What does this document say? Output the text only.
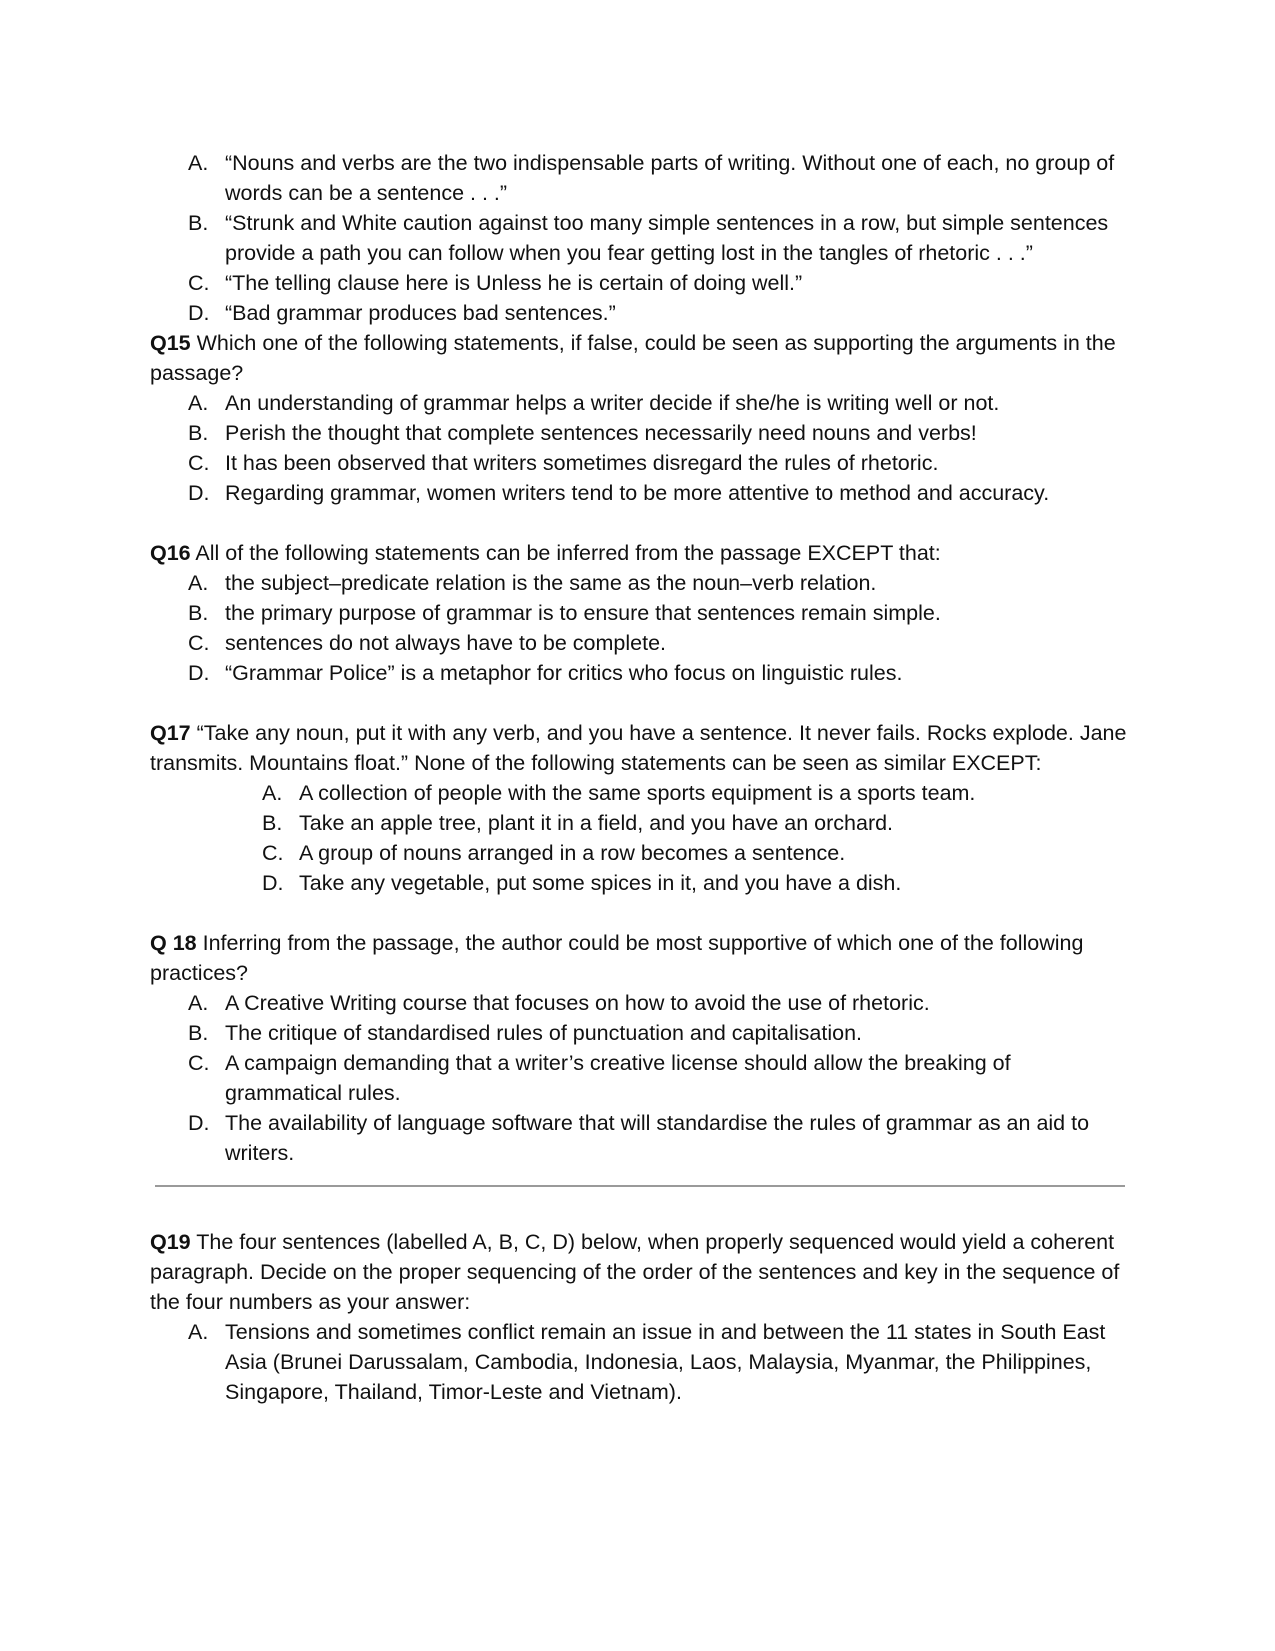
A. “Nouns and verbs are the two indispensable parts of writing. Without one of each, no group of words can be a sentence . . .”
B. “Strunk and White caution against too many simple sentences in a row, but simple sentences provide a path you can follow when you fear getting lost in the tangles of rhetoric . . .”
C. “The telling clause here is Unless he is certain of doing well.”
D. “Bad grammar produces bad sentences.”

Q15 Which one of the following statements, if false, could be seen as supporting the arguments in the passage?

A. An understanding of grammar helps a writer decide if she/he is writing well or not.
B. Perish the thought that complete sentences necessarily need nouns and verbs!
C. It has been observed that writers sometimes disregard the rules of rhetoric.
D. Regarding grammar, women writers tend to be more attentive to method and accuracy.

Q16 All of the following statements can be inferred from the passage EXCEPT that:

A. the subject–predicate relation is the same as the noun–verb relation.
B. the primary purpose of grammar is to ensure that sentences remain simple.
C. sentences do not always have to be complete.
D. “Grammar Police” is a metaphor for critics who focus on linguistic rules.

Q17 “Take any noun, put it with any verb, and you have a sentence. It never fails. Rocks explode. Jane transmits. Mountains float.” None of the following statements can be seen as similar EXCEPT:

A. A collection of people with the same sports equipment is a sports team.
B. Take an apple tree, plant it in a field, and you have an orchard.
C. A group of nouns arranged in a row becomes a sentence.
D. Take any vegetable, put some spices in it, and you have a dish.

Q 18 Inferring from the passage, the author could be most supportive of which one of the following practices?

A. A Creative Writing course that focuses on how to avoid the use of rhetoric.
B. The critique of standardised rules of punctuation and capitalisation.
C. A campaign demanding that a writer’s creative license should allow the breaking of grammatical rules.
D. The availability of language software that will standardise the rules of grammar as an aid to writers.

Q19 The four sentences (labelled A, B, C, D) below, when properly sequenced would yield a coherent paragraph. Decide on the proper sequencing of the order of the sentences and key in the sequence of the four numbers as your answer:

A. Tensions and sometimes conflict remain an issue in and between the 11 states in South East Asia (Brunei Darussalam, Cambodia, Indonesia, Laos, Malaysia, Myanmar, the Philippines, Singapore, Thailand, Timor-Leste and Vietnam).
